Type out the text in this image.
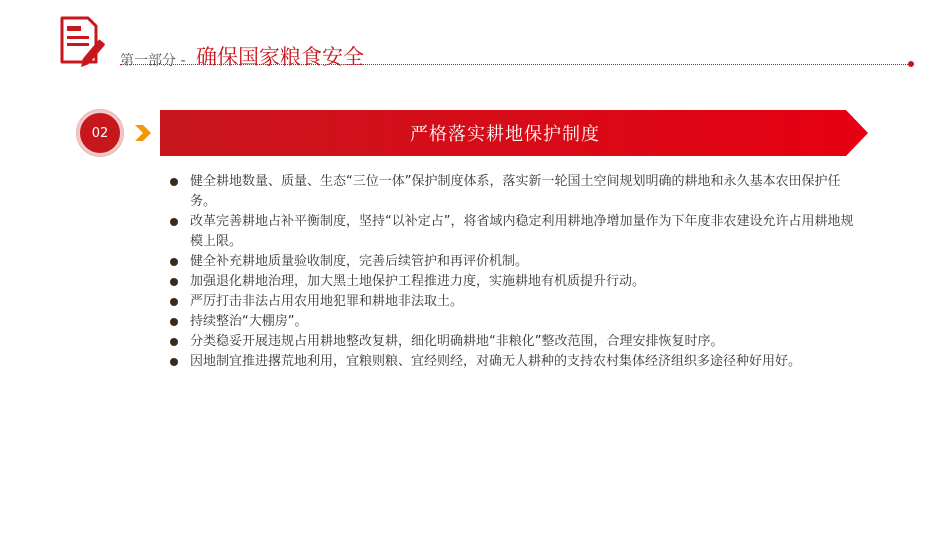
第一部分 - 确保国家粮食安全
02	严格落实耕地保护制度
健全耕地数量、质量、生态“三位一体”保护制度体系，落实新一轮国土空间规划明确的耕地和永久基本农田保护任务。
改革完善耕地占补平衡制度，坚持“以补定占”，将省域内稳定利用耕地净增加量作为下年度非农建设允许占用耕地规模上限。
健全补充耕地质量验收制度，完善后续管护和再评价机制。
加强退化耕地治理，加大黑土地保护工程推进力度，实施耕地有机质提升行动。
严厉打击非法占用农用地犯罪和耕地非法取土。
持续整治“大棚房”。
分类稳妥开展违规占用耕地整改复耕，细化明确耕地“非粮化”整改范围，合理安排恢复时序。
因地制宜推进撂荒地利用，宜粮则粮、宜经则经，对确无人耕种的支持农村集体经济组织多途径种好用好。
